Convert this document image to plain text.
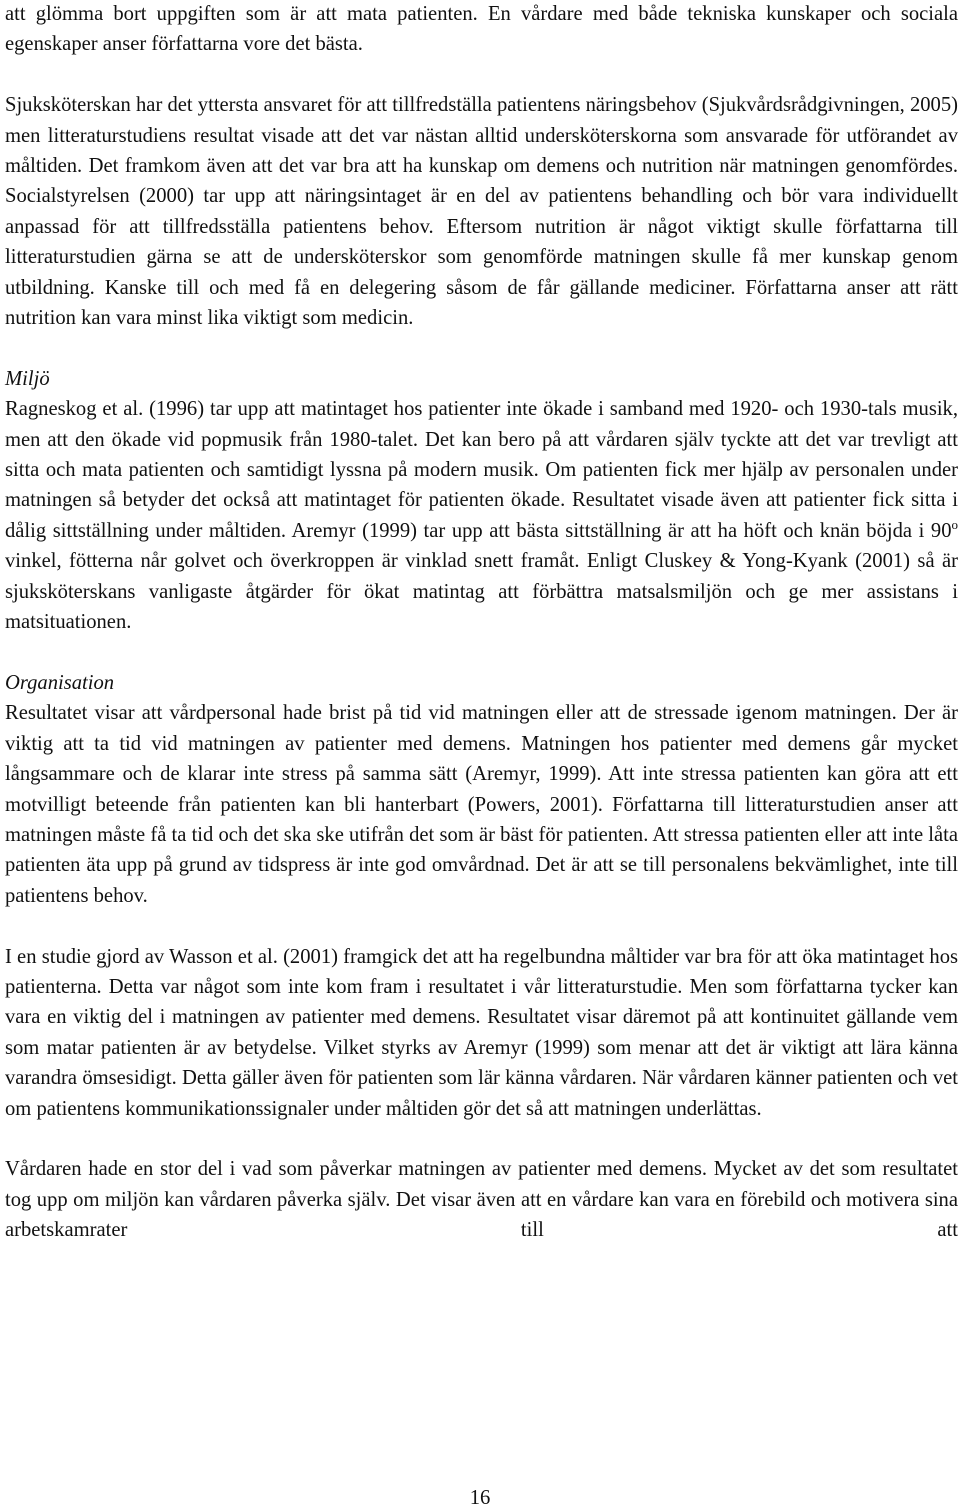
att glömma bort uppgiften som är att mata patienten. En vårdare med både tekniska kunskaper och sociala egenskaper anser författarna vore det bästa.

Sjuksköterskan har det yttersta ansvaret för att tillfredställa patientens näringsbehov (Sjukvårdsrådgivningen, 2005) men litteraturstudiens resultat visade att det var nästan alltid undersköterskorna som ansvarade för utförandet av måltiden. Det framkom även att det var bra att ha kunskap om demens och nutrition när matningen genomfördes. Socialstyrelsen (2000) tar upp att näringsintaget är en del av patientens behandling och bör vara individuellt anpassad för att tillfredsställa patientens behov. Eftersom nutrition är något viktigt skulle författarna till litteraturstudien gärna se att de undersköterskor som genomförde matningen skulle få mer kunskap genom utbildning. Kanske till och med få en delegering såsom de får gällande mediciner. Författarna anser att rätt nutrition kan vara minst lika viktigt som medicin.

Miljö

Ragneskog et al. (1996) tar upp att matintaget hos patienter inte ökade i samband med 1920- och 1930-tals musik, men att den ökade vid popmusik från 1980-talet. Det kan bero på att vårdaren själv tyckte att det var trevligt att sitta och mata patienten och samtidigt lyssna på modern musik. Om patienten fick mer hjälp av personalen under matningen så betyder det också att matintaget för patienten ökade. Resultatet visade även att patienter fick sitta i dålig sittställning under måltiden. Aremyr (1999) tar upp att bästa sittställning är att ha höft och knän böjda i 90$^o$ vinkel, fötterna når golvet och överkroppen är vinklad snett framåt. Enligt Cluskey & Yong-Kyank (2001) så är sjuksköterskans vanligaste åtgärder för ökat matintag att förbättra matsalsmiljön och ge mer assistans i matsituationen.

Organisation

Resultatet visar att vårdpersonal hade brist på tid vid matningen eller att de stressade igenom matningen. Der är viktig att ta tid vid matningen av patienter med demens. Matningen hos patienter med demens går mycket långsammare och de klarar inte stress på samma sätt (Aremyr, 1999). Att inte stressa patienten kan göra att ett motvilligt beteende från patienten kan bli hanterbart (Powers, 2001). Författarna till litteraturstudien anser att matningen måste få ta tid och det ska ske utifrån det som är bäst för patienten. Att stressa patienten eller att inte låta patienten äta upp på grund av tidspress är inte god omvårdnad. Det är att se till personalens bekvämlighet, inte till patientens behov.

I en studie gjord av Wasson et al. (2001) framgick det att ha regelbundna måltider var bra för att öka matintaget hos patienterna. Detta var något som inte kom fram i resultatet i vår litteraturstudie. Men som författarna tycker kan vara en viktig del i matningen av patienter med demens. Resultatet visar däremot på att kontinuitet gällande vem som matar patienten är av betydelse. Vilket styrks av Aremyr (1999) som menar att det är viktigt att lära känna varandra ömsesidigt. Detta gäller även för patienten som lär känna vårdaren. När vårdaren känner patienten och vet om patientens kommunikationssignaler under måltiden gör det så att matningen underlättas.

Vårdaren hade en stor del i vad som påverkar matningen av patienter med demens. Mycket av det som resultatet tog upp om miljön kan vårdaren påverka själv. Det visar även att en vårdare kan vara en förebild och motivera sina arbetskamrater till att

16
